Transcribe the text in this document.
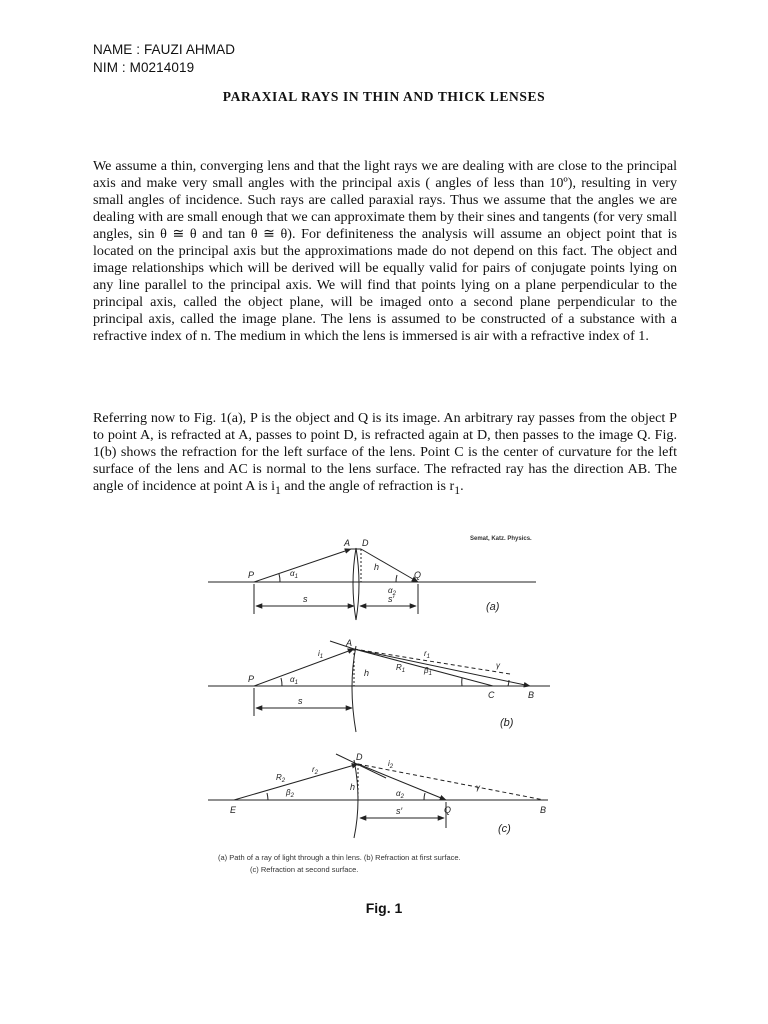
NAME : FAUZI AHMAD
NIM : M0214019
PARAXIAL RAYS IN THIN AND THICK LENSES

We assume a thin, converging lens and that the light rays we are dealing with are close to the principal axis and make very small angles with the principal axis ( angles of less than 10º), resulting in very small angles of incidence. Such rays are called paraxial rays. Thus we assume that the angles we are dealing with are small enough that we can approximate them by their sines and tangents (for very small angles, sin θ ≅ θ and tan θ ≅ θ). For definiteness the analysis will assume an object point that is located on the principal axis but the approximations made do not depend on this fact. The object and image relationships which will be derived will be equally valid for pairs of conjugate points lying on any line parallel to the principal axis. We will find that points lying on a plane perpendicular to the principal axis, called the object plane, will be imaged onto a second plane perpendicular to the principal axis, called the image plane. The lens is assumed to be constructed of a substance with a refractive index of n. The medium in which the lens is immersed is air with a refractive index of 1.

Referring now to Fig. 1(a), P is the object and Q is its image. An arbitrary ray passes from the object P to point A, is refracted at A, passes to point D, is refracted again at D, then passes to the image Q. Fig. 1(b) shows the refraction for the left surface of the lens. Point C is the center of curvature for the left surface of the lens and AC is normal to the lens surface. The refracted ray has the direction AB. The angle of incidence at point A is $i_1$ and the angle of refraction is $r_1$.

Semat, Katz. Physics.
P
A D
Q
h
$\alpha_1$
$\alpha_2$
s	s′
(a)
P
A
C	B
h
$i_1$	$r_1$
$R_1$ $\beta_1$
$\alpha_1$
γ
s
(b)
E
D
Q	B
h
$R_2$
$r_2$
$i_2$
$\beta_2$	$\alpha_2$
γ
s′
(c)
(a) Path of a ray of light through a thin lens. (b) Refraction at first surface.
(c) Refraction at second surface.
Fig. 1
